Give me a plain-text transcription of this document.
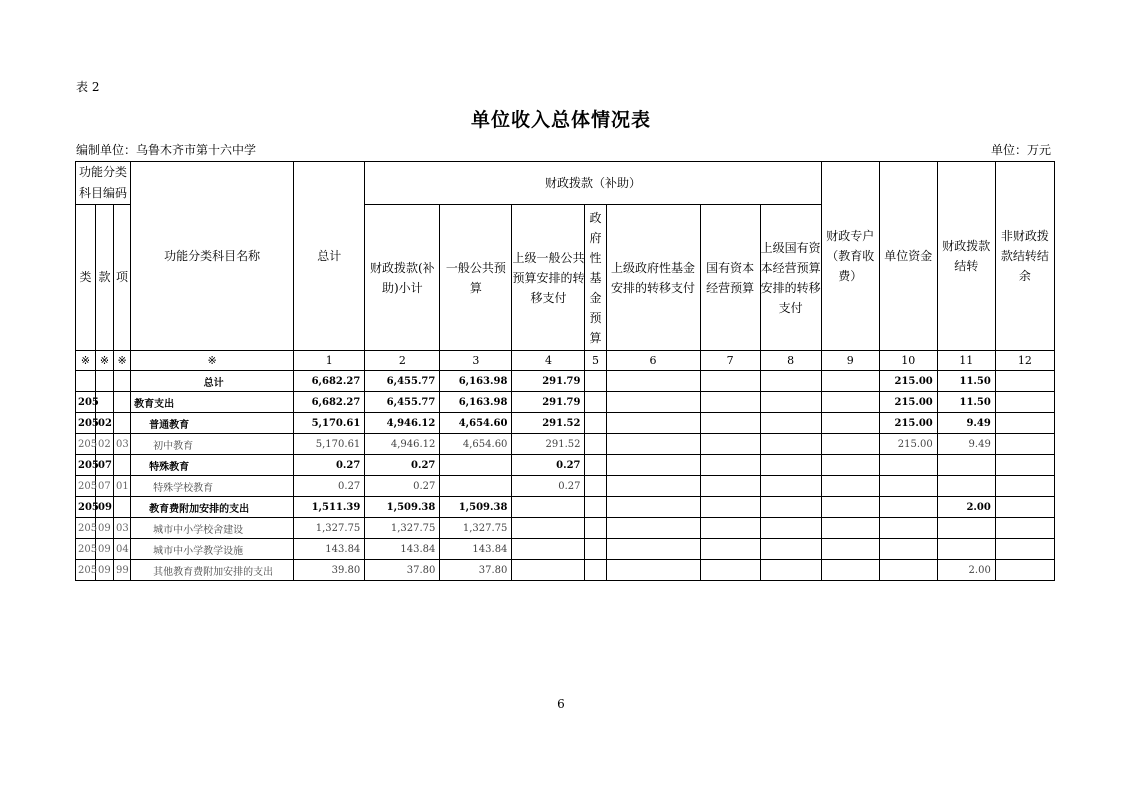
表 2
单位收入总体情况表
编制单位：乌鲁木齐市第十六中学	单位：万元
功能分类科目编码			功能分类科目名称	总计	财政拨款（补助）							财政专户（教育收费）	单位资金	财政拨款结转	非财政拨款结转结余
类	款	项			财政拨款(补助)小计	一般公共预算	上级一般公共预算安排的转移支付	政府性基金预算	上级政府性基金安排的转移支付	国有资本经营预算	上级国有资本经营预算安排的转移支付				
※	※	※	※	1	2	3	4	5	6	7	8	9	10	11	12
			总计	6,682.27	6,455.77	6,163.98	291.79						215.00	11.50	
205			教育支出	6,682.27	6,455.77	6,163.98	291.79						215.00	11.50	
205	02		普通教育	5,170.61	4,946.12	4,654.60	291.52						215.00	9.49	
205	02	03	初中教育	5,170.61	4,946.12	4,654.60	291.52						215.00	9.49	
205	07		特殊教育	0.27	0.27		0.27								
205	07	01	特殊学校教育	0.27	0.27		0.27								
205	09		教育费附加安排的支出	1,511.39	1,509.38	1,509.38								2.00	
205	09	03	城市中小学校舍建设	1,327.75	1,327.75	1,327.75									
205	09	04	城市中小学教学设施	143.84	143.84	143.84									
205	09	99	其他教育费附加安排的支出	39.80	37.80	37.80								2.00	
6
